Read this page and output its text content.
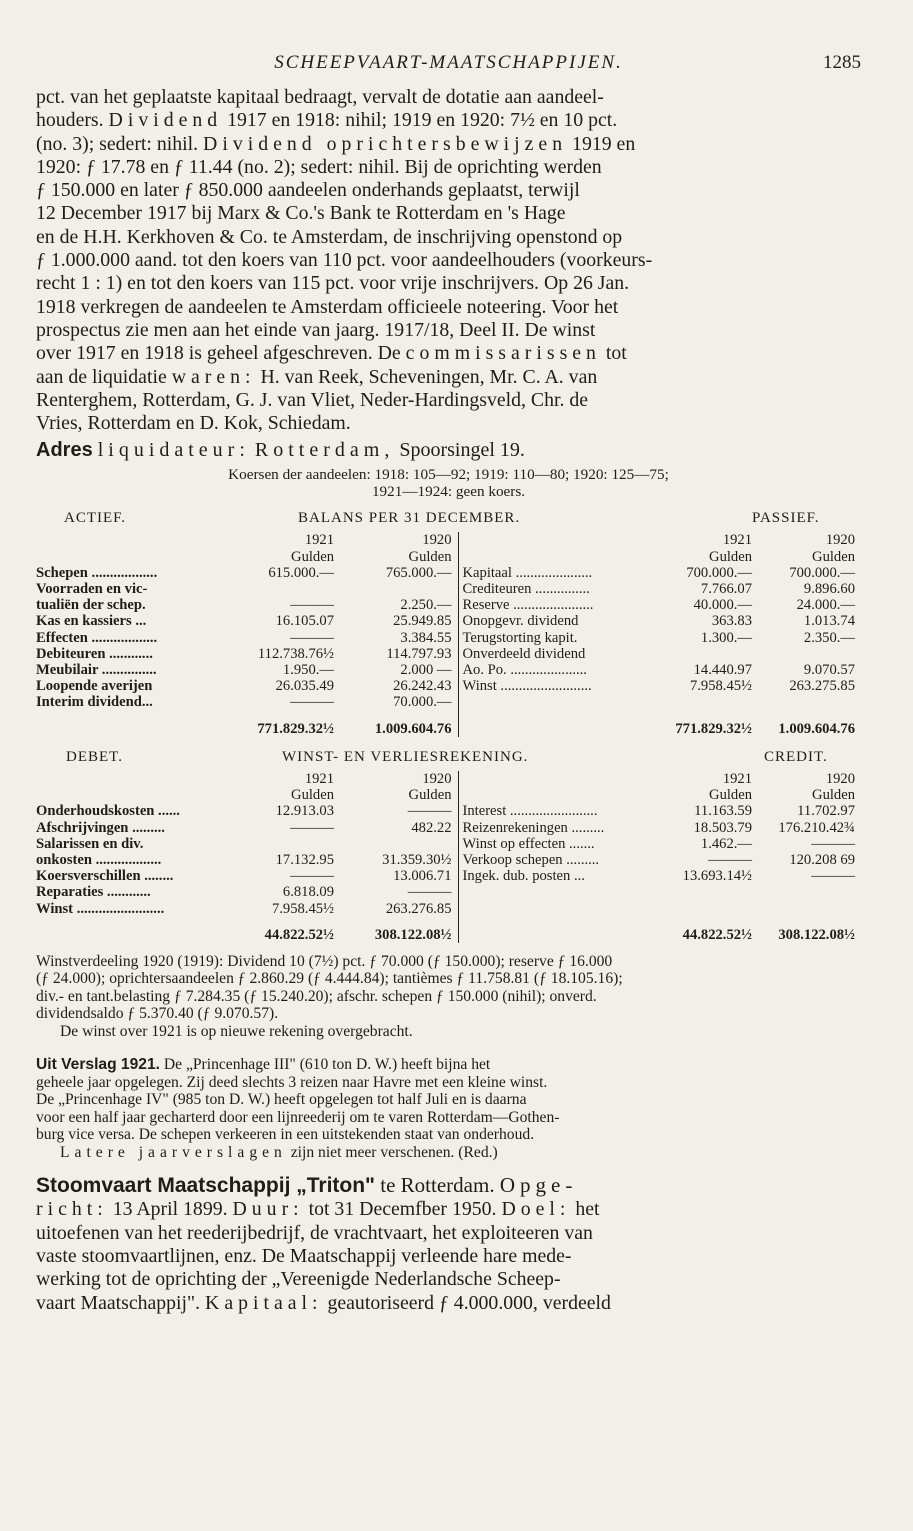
SCHEEPVAART-MAATSCHAPPIJEN.	1285

pct. van het geplaatste kapitaal bedraagt, vervalt de dotatie aan aandeel-

houders. Dividend 1917 en 1918: nihil; 1919 en 1920: 7½ en 10 pct.

(no. 3); sedert: nihil. Dividend oprichtersbewijzen 1919 en

1920: ƒ 17.78 en ƒ 11.44 (no. 2); sedert: nihil. Bij de oprichting werden

ƒ 150.000 en later ƒ 850.000 aandeelen onderhands geplaatst, terwijl

12 December 1917 bij Marx & Co.'s Bank te Rotterdam en 's Hage

en de H.H. Kerkhoven & Co. te Amsterdam, de inschrijving openstond op

ƒ 1.000.000 aand. tot den koers van 110 pct. voor aandeelhouders (voorkeurs-

recht 1 : 1) en tot den koers van 115 pct. voor vrije inschrijvers. Op 26 Jan.

1918 verkregen de aandeelen te Amsterdam officieele noteering. Voor het

prospectus zie men aan het einde van jaarg. 1917/18, Deel II. De winst

over 1917 en 1918 is geheel afgeschreven. De commissarissen tot

aan de liquidatie waren: H. van Reek, Scheveningen, Mr. C. A. van

Renterghem, Rotterdam, G. J. van Vliet, Neder-Hardingsveld, Chr. de

Vries, Rotterdam en D. Kok, Schiedam.

Adres liquidateur: Rotterdam, Spoorsingel 19.

Koersen der aandeelen: 1918: 105—92; 1919: 110—80; 1920: 125—75;

1921—1924: geen koers.

ACTIEF.	BALANS PER 31 DECEMBER.	PASSIEF.
	1921	1920		1921	1920
	Gulden	Gulden		Gulden	Gulden
Schepen ..................	615.000.—	765.000.—	Kapitaal .....................	700.000.—	700.000.—
Voorraden en vic-			Crediteuren ...............	7.766.07	9.896.60
tualiën der schep.	———	2.250.—	Reserve ......................	40.000.—	24.000.—
Kas en kassiers ...	16.105.07	25.949.85	Onopgevr. dividend	363.83	1.013.74
Effecten ..................	———	3.384.55	Terugstorting kapit.	1.300.—	2.350.—
Debiteuren ............	112.738.76½	114.797.93	Onverdeeld dividend		
Meubilair ...............	1.950.—	2.000 —	Ao. Po. .....................	14.440.97	9.070.57
Loopende averijen	26.035.49	26.242.43	Winst .........................	7.958.45½	263.275.85
Interim dividend...	———	70.000.—			
	771.829.32½	1.009.604.76		771.829.32½	1.009.604.76
DEBET.	WINST- EN VERLIESREKENING.	CREDIT.
	1921	1920		1921	1920
	Gulden	Gulden		Gulden	Gulden
Onderhoudskosten ......	12.913.03	———	Interest ........................	11.163.59	11.702.97
Afschrijvingen .........	———	482.22	Reizenrekeningen .........	18.503.79	176.210.42¾
Salarissen en div.			Winst op effecten .......	1.462.—	———
onkosten ..................	17.132.95	31.359.30½	Verkoop schepen .........	———	120.208 69
Koersverschillen ........	———	13.006.71	Ingek. dub. posten ...	13.693.14½	———
Reparaties ............	6.818.09	———			
Winst ........................	7.958.45½	263.276.85			
	44.822.52½	308.122.08½		44.822.52½	308.122.08½

Winstverdeeling 1920 (1919): Dividend 10 (7½) pct. ƒ 70.000 (ƒ 150.000); reserve ƒ 16.000

(ƒ 24.000); oprichtersaandeelen ƒ 2.860.29 (ƒ 4.444.84); tantièmes ƒ 11.758.81 (ƒ 18.105.16);

div.- en tant.belasting ƒ 7.284.35 (ƒ 15.240.20); afschr. schepen ƒ 150.000 (nihil); onverd.

dividendsaldo ƒ 5.370.40 (ƒ 9.070.57).

De winst over 1921 is op nieuwe rekening overgebracht.

Uit Verslag 1921. De „Princenhage III" (610 ton D. W.) heeft bijna het

geheele jaar opgelegen. Zij deed slechts 3 reizen naar Havre met een kleine winst.

De „Princenhage IV" (985 ton D. W.) heeft opgelegen tot half Juli en is daarna

voor een half jaar gecharterd door een lijnreederij om te varen Rotterdam—Gothen-

burg vice versa. De schepen verkeeren in een uitstekenden staat van onderhoud.

Latere jaarverslagen zijn niet meer verschenen. (Red.)

Stoomvaart Maatschappij „Triton" te Rotterdam. Opge-

richt: 13 April 1899. Duur: tot 31 Decemfber 1950. Doel: het

uitoefenen van het reederijbedrijf, de vrachtvaart, het exploiteeren van

vaste stoomvaartlijnen, enz. De Maatschappij verleende hare mede-

werking tot de oprichting der „Vereenigde Nederlandsche Scheep-

vaart Maatschappij". Kapitaal: geautoriseerd ƒ 4.000.000, verdeeld
